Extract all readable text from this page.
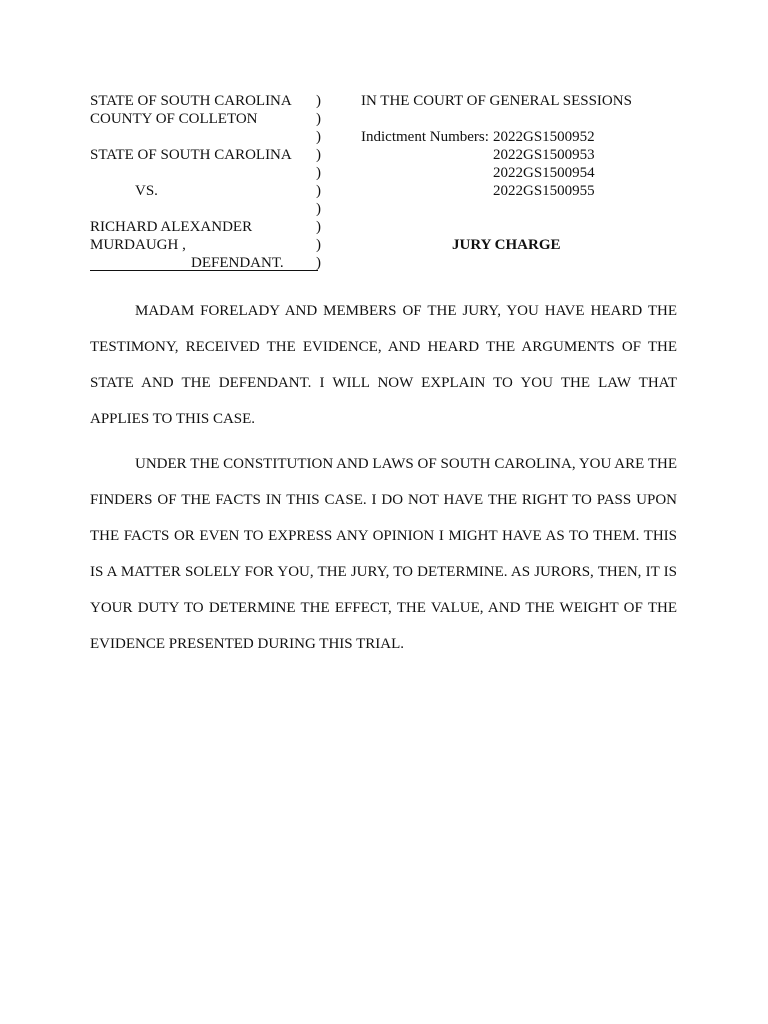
STATE OF SOUTH CAROLINA
COUNTY OF COLLETON
STATE OF SOUTH CAROLINA
VS.
RICHARD ALEXANDER
MURDAUGH ,
DEFENDANT.
)
)
)
)
)
)
)
)
)
)
IN THE COURT OF GENERAL SESSIONS
Indictment Numbers: 2022GS1500952
2022GS1500953
2022GS1500954
2022GS1500955
JURY CHARGE

MADAM FORELADY AND MEMBERS OF THE JURY, YOU HAVE HEARD THE TESTIMONY, RECEIVED THE EVIDENCE, AND HEARD THE ARGUMENTS OF THE STATE AND THE DEFENDANT. I WILL NOW EXPLAIN TO YOU THE LAW THAT APPLIES TO THIS CASE.

UNDER THE CONSTITUTION AND LAWS OF SOUTH CAROLINA, YOU ARE THE FINDERS OF THE FACTS IN THIS CASE. I DO NOT HAVE THE RIGHT TO PASS UPON THE FACTS OR EVEN TO EXPRESS ANY OPINION I MIGHT HAVE AS TO THEM. THIS IS A MATTER SOLELY FOR YOU, THE JURY, TO DETERMINE. AS JURORS, THEN, IT IS YOUR DUTY TO DETERMINE THE EFFECT, THE VALUE, AND THE WEIGHT OF THE EVIDENCE PRESENTED DURING THIS TRIAL.
